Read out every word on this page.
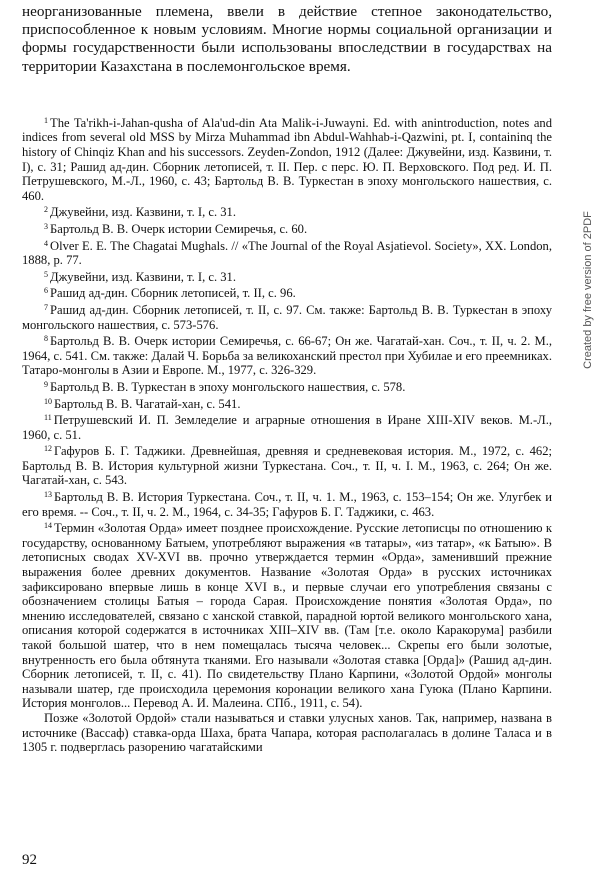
неорганизованные племена, ввели в действие степное законодательство, приспособленное к новым условиям. Многие нормы социальной организации и формы государственности были использованы впоследствии в государствах на территории Казахстана в послемонгольское время.

$^1$ The Ta'rikh-i-Jahan-qusha of Ala'ud-din Ata Malik-i-Juwayni. Ed. with anintroduction, notes and indices from several old MSS by Mirza Muhammad ibn Abdul-Wahhab-i-Qazwini, pt. I, containinq the history of Chinqiz Khan and his successors. Zeyden-Zondon, 1912 (Далее: Джувейни, изд. Казвини, т. I), с. 31; Рашид ад-дин. Сборник летописей, т. II. Пер. с перс. Ю. П. Верховского. Под ред. И. П. Петрушевского, М.-Л., 1960, с. 43; Бартольд В. В. Туркестан в эпоху монгольского нашествия, с. 460.

$^2$ Джувейни, изд. Казвини, т. I, с. 31.

$^3$ Бартольд В. В. Очерк истории Семиречья, с. 60.

$^4$ Olver E. E. The Chagatai Mughals. // «The Journal of the Royal Asjatievol. Society», XX. London, 1888, р. 77.

$^5$ Джувейни, изд. Казвини, т. I, с. 31.

$^6$ Рашид ад-дин. Сборник летописей, т. II, с. 96.

$^7$ Рашид ад-дин. Сборник летописей, т. II, с. 97. См. также: Бартольд В. В. Туркестан в эпоху монгольского нашествия, с. 573-576.

$^8$ Бартольд В. В. Очерк истории Семиречья, с. 66-67; Он же. Чагатай-хан. Соч., т. II, ч. 2. М., 1964, с. 541. См. также: Далай Ч. Борьба за великоханский престол при Хубилае и его преемниках. Татаро-монголы в Азии и Европе. М., 1977, с. 326-329.

$^9$ Бартольд В. В. Туркестан в эпоху монгольского нашествия, с. 578.

$^{10}$ Бартольд В. В. Чагатай-хан, с. 541.

$^{11}$ Петрушевский И. П. Земледелие и аграрные отношения в Иране XIII-XIV веков. М.-Л., 1960, с. 51.

$^{12}$ Гафуров Б. Г. Таджики. Древнейшая, древняя и средневековая история. М., 1972, с. 462; Бартольд В. В. История культурной жизни Туркестана. Соч., т. II, ч. I. М., 1963, с. 264; Он же. Чагатай-хан, с. 543.

$^{13}$ Бартольд В. В. История Туркестана. Соч., т. II, ч. 1. М., 1963, с. 153–154; Он же. Улугбек и его время. -- Соч., т. II, ч. 2. М., 1964, с. 34-35; Гафуров Б. Г. Таджики, с. 463.

$^{14}$ Термин «Золотая Орда» имеет позднее происхождение. Русские летописцы по отношению к государству, основанному Батыем, употребляют выражения «в татары», «из татар», «к Батыю». В летописных сводах XV-XVI вв. прочно утверждается термин «Орда», заменивший прежние выражения более древних документов. Название «Золотая Орда» в русских источниках зафиксировано впервые лишь в конце XVI в., и первые случаи его употребления связаны с обозначением столицы Батыя – города Сарая. Происхождение понятия «Золотая Орда», по мнению исследователей, связано с ханской ставкой, парадной юртой великого монгольского хана, описания которой содержатся в источниках XIII–XIV вв. (Там [т.е. около Каракорума] разбили такой большой шатер, что в нем помещалась тысяча человек... Скрепы его были золотые, внутренность его была обтянута тканями. Его называли «Золотая ставка [Орда]» (Рашид ад-дин. Сборник летописей, т. II, с. 41). По свидетельству Плано Карпини, «Золотой Ордой» монголы называли шатер, где происходила церемония коронации великого хана Гуюка (Плано Карпини. История монголов... Перевод А. И. Малеина. СПб., 1911, с. 54).

Позже «Золотой Ордой» стали называться и ставки улусных ханов. Так, например, названа в источнике (Вассаф) ставка-орда Шаха, брата Чапара, которая располагалась в долине Таласа и в 1305 г. подверглась разорению чагатайскими

92
Created by free version of 2PDF
